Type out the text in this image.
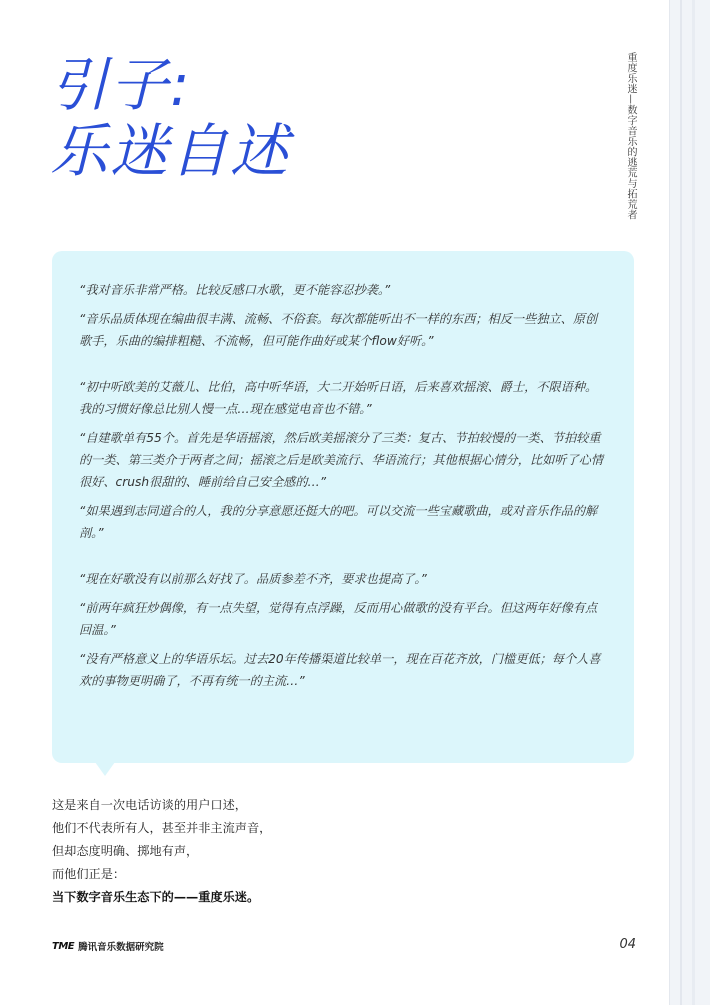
引子:
乐迷自述	重度乐迷—数字音乐的逃荒与拓荒者

“我对音乐非常严格。比较反感口水歌，更不能容忍抄袭。”

“音乐品质体现在编曲很丰满、流畅、不俗套。每次都能听出不一样的东西；相反一些独立、原创歌手，乐曲的编排粗糙、不流畅，但可能作曲好或某个flow好听。”

“初中听欧美的艾薇儿、比伯，高中听华语，大二开始听日语，后来喜欢摇滚、爵士，不限语种。我的习惯好像总比别人慢一点…现在感觉电音也不错。”

“自建歌单有55个。首先是华语摇滚，然后欧美摇滚分了三类：复古、节拍较慢的一类、节拍较重的一类、第三类介于两者之间；摇滚之后是欧美流行、华语流行；其他根据心情分，比如听了心情很好、crush很甜的、睡前给自己安全感的…”

“如果遇到志同道合的人，我的分享意愿还挺大的吧。可以交流一些宝藏歌曲，或对音乐作品的解剖。”

“现在好歌没有以前那么好找了。品质参差不齐，要求也提高了。”

“前两年疯狂炒偶像，有一点失望，觉得有点浮躁，反而用心做歌的没有平台。但这两年好像有点回温。”

“没有严格意义上的华语乐坛。过去20年传播渠道比较单一，现在百花齐放，门槛更低；每个人喜欢的事物更明确了，不再有统一的主流…”

这是来自一次电话访谈的用户口述，
他们不代表所有人，甚至并非主流声音，
但却态度明确、掷地有声，
而他们正是：
当下数字音乐生态下的——重度乐迷。
TME 腾讯音乐数据研究院	04
